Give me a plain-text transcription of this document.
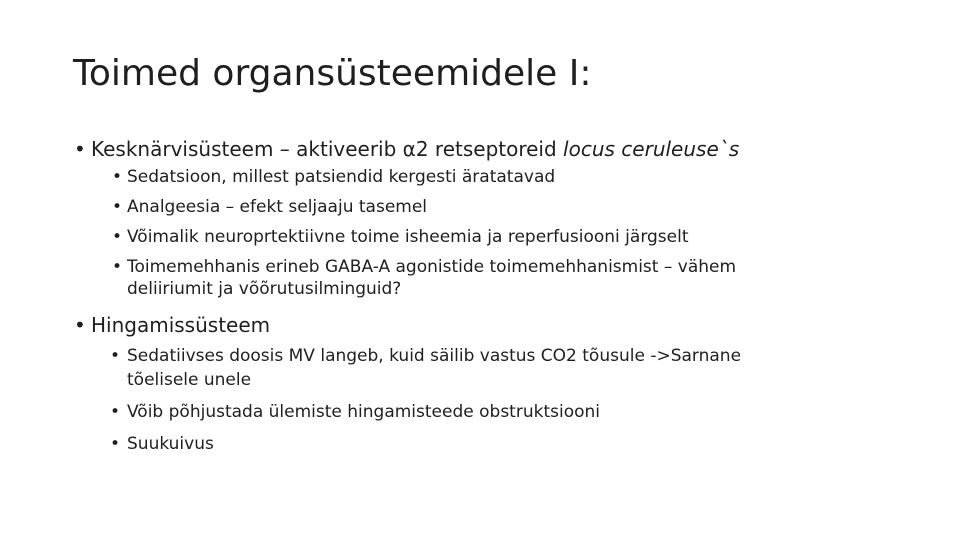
Toimed organsüsteemidele I:
• Kesknärvisüsteem – aktiveerib α2 retseptoreid locus ceruleuse`s
• Sedatsioon, millest patsiendid kergesti äratatavad
• Analgeesia – efekt seljaaju tasemel
• Võimalik neuroprtektiivne toime isheemia ja reperfusiooni järgselt
• Toimemehhanis erineb GABA-A agonistide toimemehhanismist – vähem deliiriumit ja võõrutusilminguid?
• Hingamissüsteem
• Sedatiivses doosis MV langeb, kuid säilib vastus CO2 tõusule ->Sarnane tõelisele unele
• Võib põhjustada ülemiste hingamisteede obstruktsiooni
• Suukuivus
